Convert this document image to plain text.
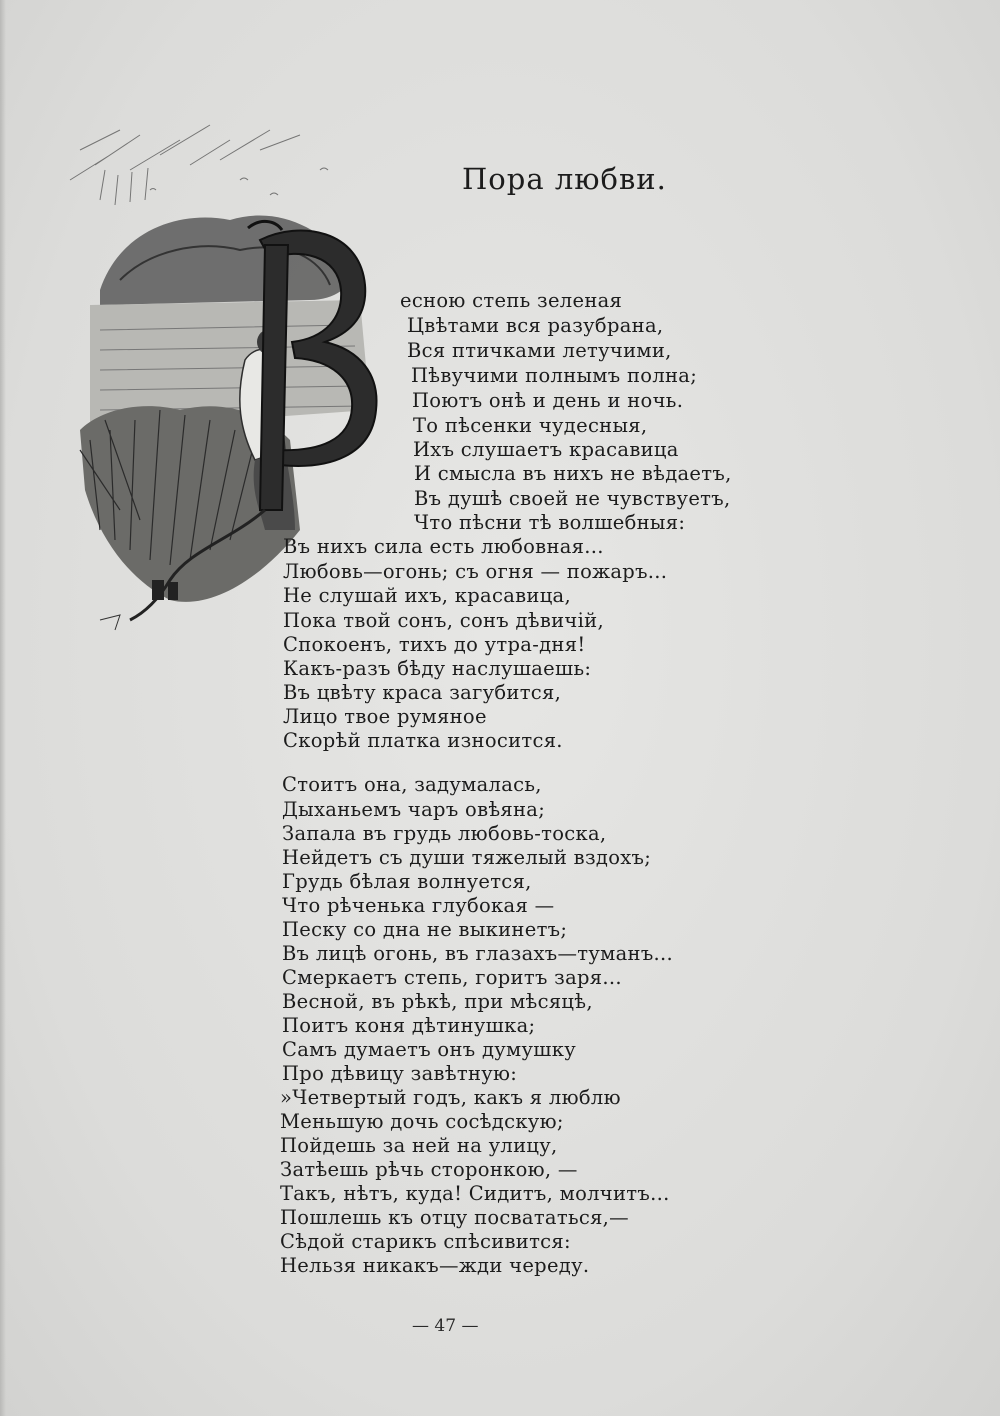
Пора любви.
есною степь зеленая
Цвѣтами вся разубрана,
Вся птичками летучими,
Пѣвучими полнымъ полна;
Поютъ онѣ и день и ночь.
То пѣсенки чудесныя,
Ихъ слушаетъ красавица
И смысла въ нихъ не вѣдаетъ,
Въ душѣ своей не чувствуетъ,
Что пѣсни тѣ волшебныя:
Въ нихъ сила есть любовная...
Любовь—огонь; съ огня — пожаръ...
Не слушай ихъ, красавица,
Пока твой сонъ, сонъ дѣвичій,
Спокоенъ, тихъ до утра-дня!
Какъ-разъ бѣду наслушаешь:
Въ цвѣту краса загубится,
Лицо твое румяное
Скорѣй платка износится.
Стоитъ она, задумалась,
Дыханьемъ чаръ овѣяна;
Запала въ грудь любовь-тоска,
Нейдетъ съ души тяжелый вздохъ;
Грудь бѣлая волнуется,
Что рѣченька глубокая —
Песку со дна не выкинетъ;
Въ лицѣ огонь, въ глазахъ—туманъ...
Смеркаетъ степь, горитъ заря...
Весной, въ рѣкѣ, при мѣсяцѣ,
Поитъ коня дѣтинушка;
Самъ думаетъ онъ думушку
Про дѣвицу завѣтную:
»Четвертый годъ, какъ я люблю
Меньшую дочь сосѣдскую;
Пойдешь за ней на улицу,
Затѣешь рѣчь сторонкою, —
Такъ, нѣтъ, куда! Сидитъ, молчитъ...
Пошлешь къ отцу посвататься,—
Сѣдой старикъ спѣсивится:
Нельзя никакъ—жди череду.
— 47 —
